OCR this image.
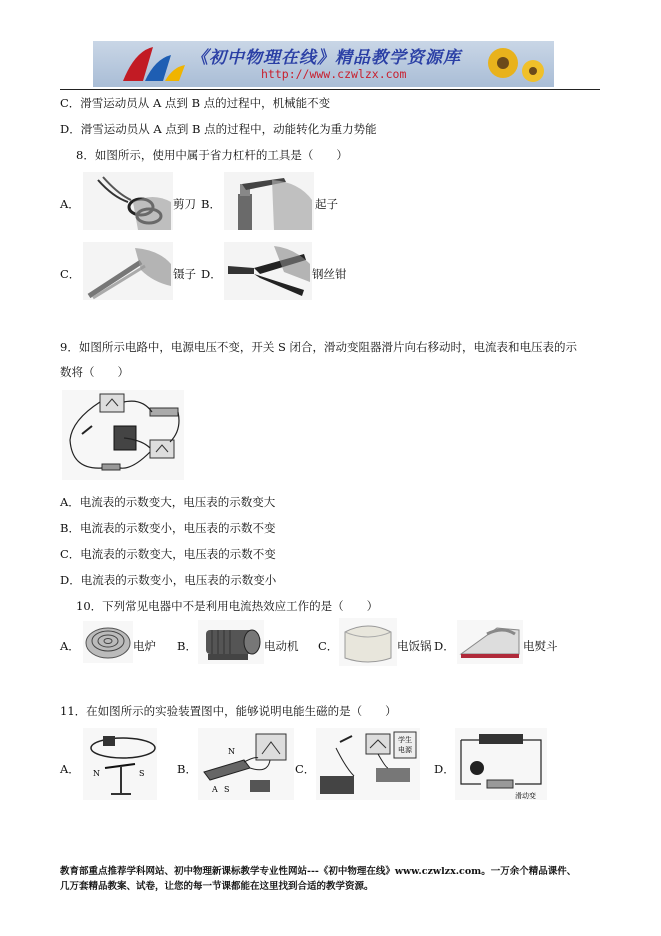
《初中物理在线》精品教学资源库
http://www.czwlzx.com
C．滑雪运动员从 A 点到 B 点的过程中，机械能不变
D．滑雪运动员从 A 点到 B 点的过程中，动能转化为重力势能
8．如图所示，使用中属于省力杠杆的工具是（　　）
A．	剪刀 B．	起子
C．	镊子 D．	钢丝钳
9．如图所示电路中，电源电压不变，开关 S 闭合，滑动变阻器滑片向右移动时，电流表和电压表的示
数将（　　）
A．电流表的示数变大，电压表的示数变大
B．电流表的示数变小，电压表的示数不变
C．电流表的示数变大，电压表的示数不变
D．电流表的示数变小，电压表的示数变小
10．下列常见电器中不是利用电流热效应工作的是（　　）
A．	电炉 B．	电动机 C．	电饭锅 D．	电熨斗
11．在如图所示的实验装置图中，能够说明电能生磁的是（　　）
A． N	S	B．
N
A S
C．
学生
电源
D．
滑动变
教育部重点推荐学科网站、初中物理新课标教学专业性网站---《初中物理在线》www.czwlzx.com。一万余个精品课件、
几万套精品教案、试卷，让您的每一节课都能在这里找到合适的教学资源。
